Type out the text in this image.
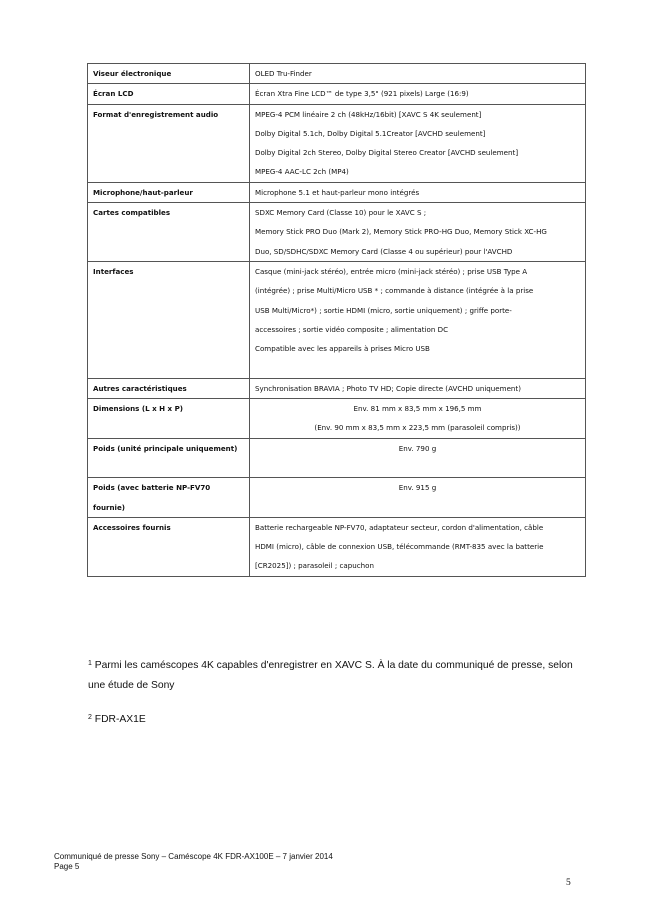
Viseur électronique	OLED Tru-Finder

Écran LCD	Écran Xtra Fine LCD™ de type 3,5" (921 pixels) Large (16:9)

Format d'enregistrement audio	MPEG-4 PCM linéaire 2 ch (48kHz/16bit) [XAVC S 4K seulement]
Dolby Digital 5.1ch, Dolby Digital 5.1Creator [AVCHD seulement]
Dolby Digital 2ch Stereo, Dolby Digital Stereo Creator [AVCHD seulement]
MPEG-4 AAC-LC 2ch (MP4)

Microphone/haut-parleur	Microphone 5.1 et haut-parleur mono intégrés

Cartes compatibles	SDXC Memory Card (Classe 10) pour le XAVC S ;
Memory Stick PRO Duo (Mark 2), Memory Stick PRO-HG Duo, Memory Stick XC-HG
Duo, SD/SDHC/SDXC Memory Card (Classe 4 ou supérieur) pour l'AVCHD

Interfaces	Casque (mini-jack stéréo), entrée micro (mini-jack stéréo) ; prise USB Type A
(intégrée) ; prise Multi/Micro USB * ; commande à distance (intégrée à la prise
USB Multi/Micro*) ; sortie HDMI (micro, sortie uniquement) ; griffe porte-
accessoires ; sortie vidéo composite ; alimentation DC
Compatible avec les appareils à prises Micro USB

Autres caractéristiques	Synchronisation BRAVIA ; Photo TV HD; Copie directe (AVCHD uniquement)

Dimensions (L x H x P)	Env. 81 mm x 83,5 mm x 196,5 mm
(Env. 90 mm x 83,5 mm x 223,5 mm (parasoleil compris))

Poids (unité principale uniquement)	Env. 790 g

Poids (avec batterie NP-FV70 fournie)	Env. 915 g

Accessoires fournis	Batterie rechargeable NP-FV70, adaptateur secteur, cordon d'alimentation, câble
HDMI (micro), câble de connexion USB, télécommande (RMT-835 avec la batterie
[CR2025]) ; parasoleil ; capuchon
$^1$ Parmi les caméscopes 4K capables d'enregistrer en XAVC S. À la date du communiqué de presse, selon une étude de Sony
$^2$ FDR-AX1E
Communiqué de presse Sony – Caméscope 4K FDR-AX100E – 7 janvier 2014
Page 5
5
